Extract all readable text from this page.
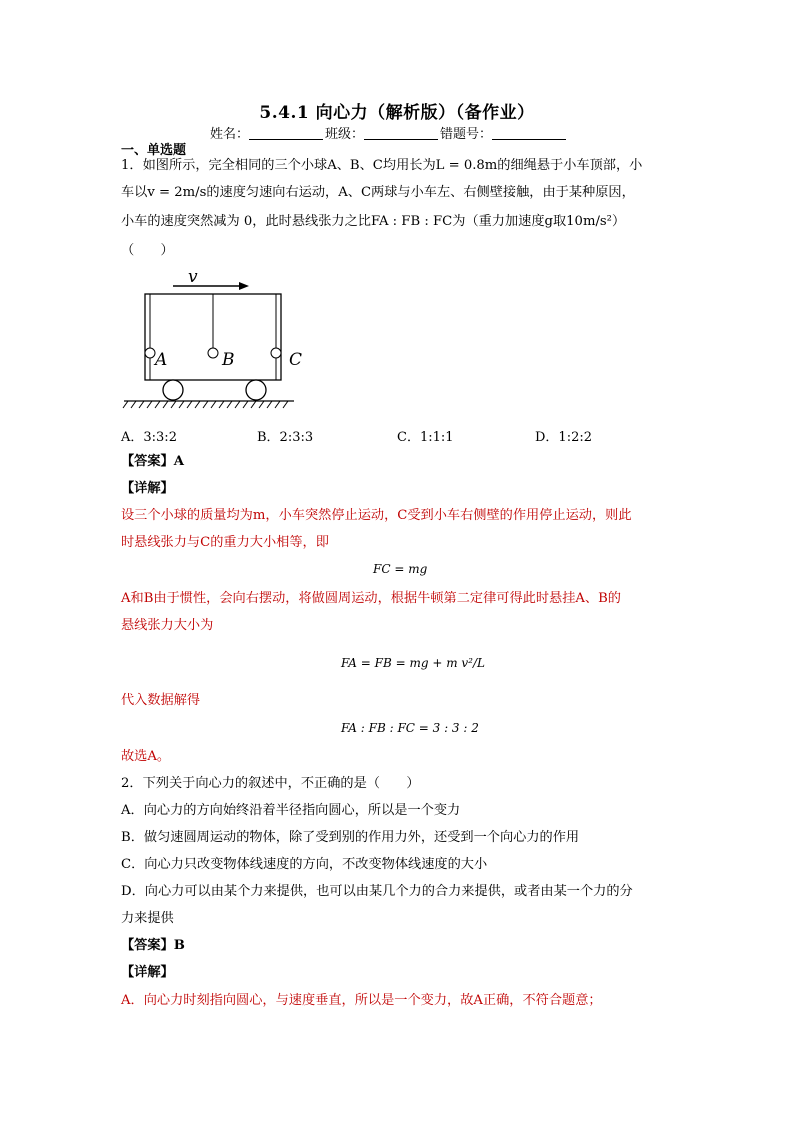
5.4.1 向心力（解析版）（备作业）
姓名：	班级：	错题号：
一、单选题
1．如图所示，完全相同的三个小球A、B、C均用长为L = 0.8m的细绳悬于小车顶部，小
车以v = 2m/s的速度匀速向右运动，A、C两球与小车左、右侧壁接触，由于某种原因，
小车的速度突然减为 0，此时悬线张力之比FA : FB : FC为（重力加速度g取10m/s²）
（　　）
v
A	B	C
A．3:3:2	B．2:3:3	C．1:1:1	D．1:2:2
【答案】A
【详解】
设三个小球的质量均为m，小车突然停止运动，C受到小车右侧壁的作用停止运动，则此
时悬线张力与C的重力大小相等，即
FC = mg
A和B由于惯性，会向右摆动，将做圆周运动，根据牛顿第二定律可得此时悬挂A、B的
悬线张力大小为
FA = FB = mg + m v²/L
代入数据解得
FA : FB : FC = 3 : 3 : 2
故选A。
2．下列关于向心力的叙述中，不正确的是（　　）
A．向心力的方向始终沿着半径指向圆心，所以是一个变力
B．做匀速圆周运动的物体，除了受到别的作用力外，还受到一个向心力的作用
C．向心力只改变物体线速度的方向，不改变物体线速度的大小
D．向心力可以由某个力来提供，也可以由某几个力的合力来提供，或者由某一个力的分
力来提供
【答案】B
【详解】
A．向心力时刻指向圆心，与速度垂直，所以是一个变力，故A正确，不符合题意；
